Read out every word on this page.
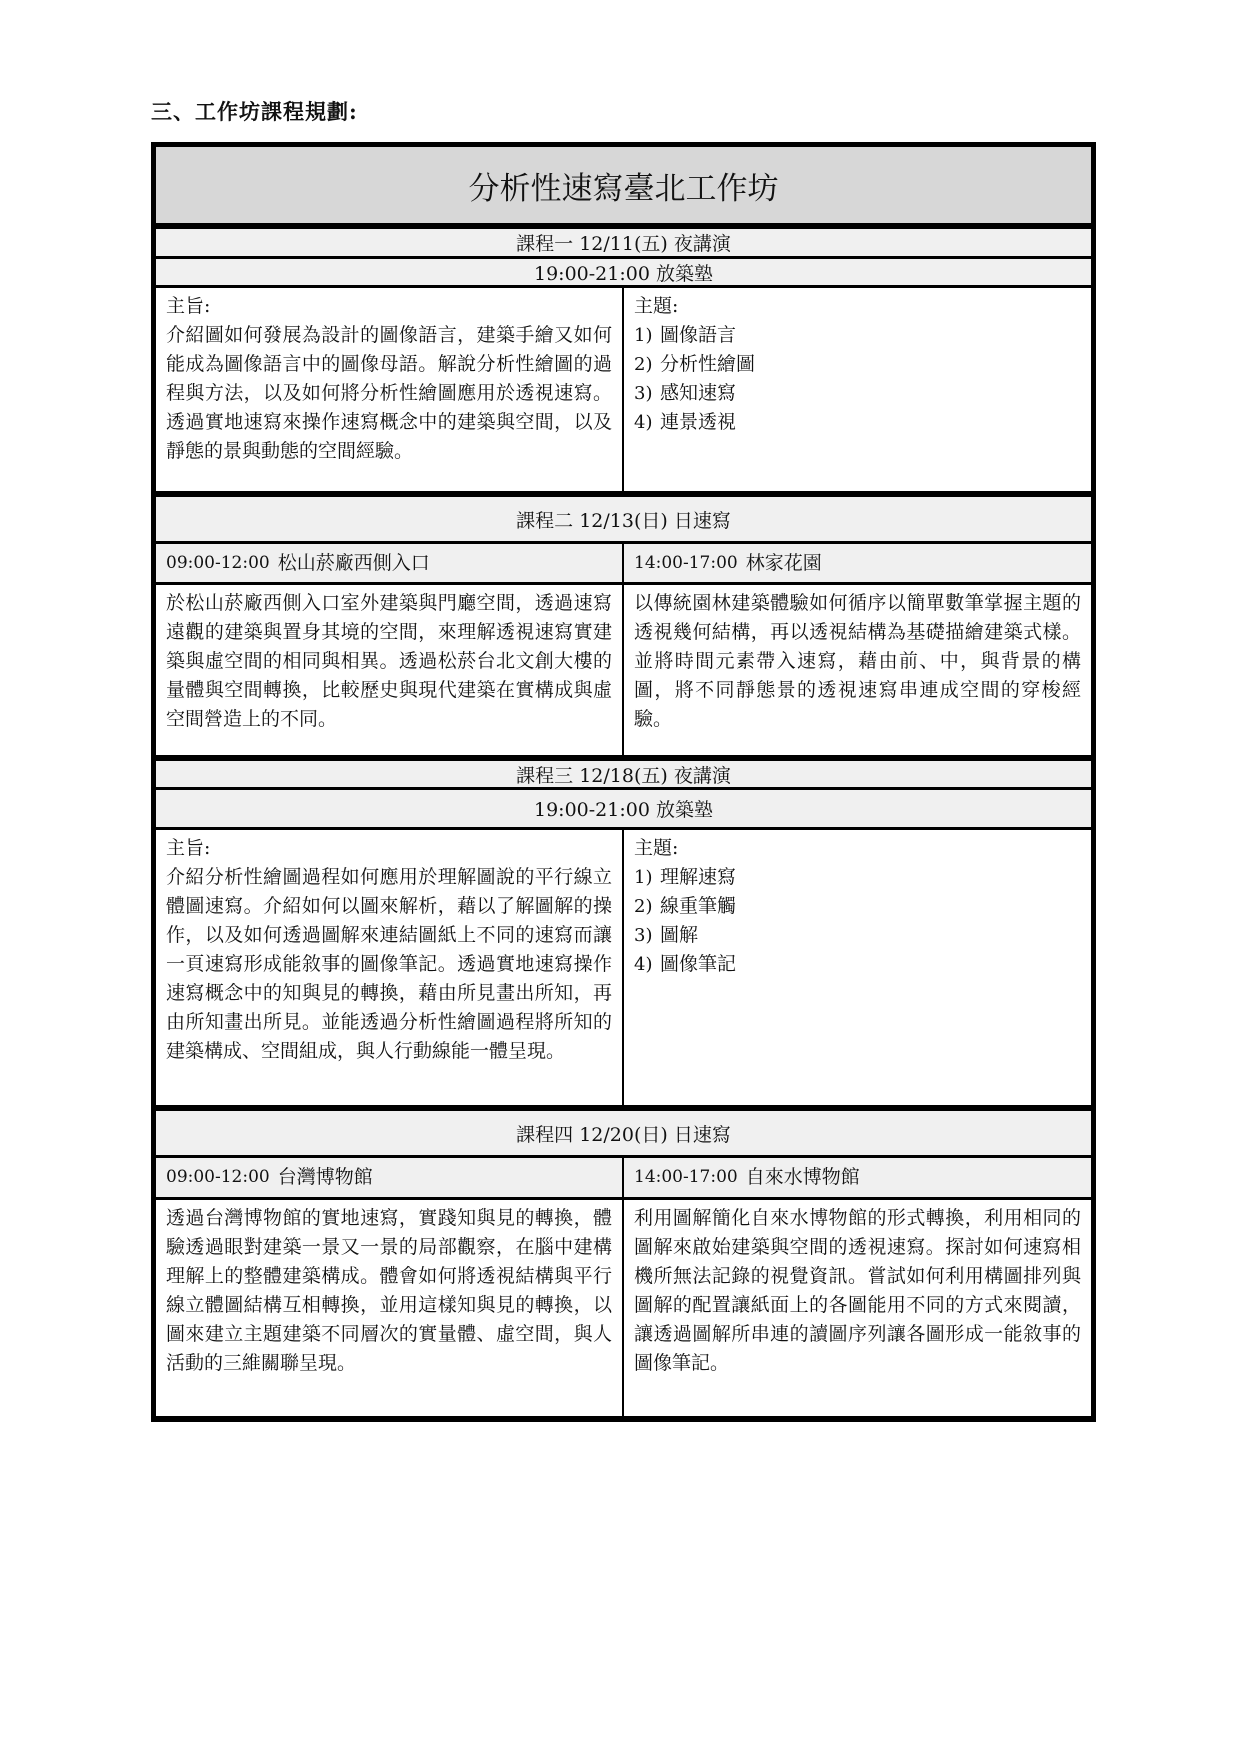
三、工作坊課程規劃:
分析性速寫臺北工作坊
課程一 12/11(五) 夜講演
19:00-21:00 放築塾
主旨:
介紹圖如何發展為設計的圖像語言，建築手繪又如何能成為圖像語言中的圖像母語。解說分析性繪圖的過程與方法，以及如何將分析性繪圖應用於透視速寫。透過實地速寫來操作速寫概念中的建築與空間，以及靜態的景與動態的空間經驗。
主題:
1) 圖像語言
2) 分析性繪圖
3) 感知速寫
4) 連景透視
課程二 12/13(日) 日速寫
09:00-12:00 松山菸廠西側入口	14:00-17:00 林家花園
於松山菸廠西側入口室外建築與門廳空間，透過速寫遠觀的建築與置身其境的空間，來理解透視速寫實建築與虛空間的相同與相異。透過松菸台北文創大樓的量體與空間轉換，比較歷史與現代建築在實構成與虛空間營造上的不同。
以傳統園林建築體驗如何循序以簡單數筆掌握主題的透視幾何結構，再以透視結構為基礎描繪建築式樣。並將時間元素帶入速寫，藉由前、中，與背景的構圖，將不同靜態景的透視速寫串連成空間的穿梭經驗。
課程三 12/18(五) 夜講演
19:00-21:00 放築塾
主旨:
介紹分析性繪圖過程如何應用於理解圖說的平行線立體圖速寫。介紹如何以圖來解析，藉以了解圖解的操作，以及如何透過圖解來連結圖紙上不同的速寫而讓一頁速寫形成能敘事的圖像筆記。透過實地速寫操作速寫概念中的知與見的轉換，藉由所見畫出所知，再由所知畫出所見。並能透過分析性繪圖過程將所知的建築構成、空間組成，與人行動線能一體呈現。
主題:
1) 理解速寫
2) 線重筆觸
3) 圖解
4) 圖像筆記
課程四 12/20(日) 日速寫
09:00-12:00 台灣博物館	14:00-17:00 自來水博物館
透過台灣博物館的實地速寫，實踐知與見的轉換，體驗透過眼對建築一景又一景的局部觀察，在腦中建構理解上的整體建築構成。體會如何將透視結構與平行線立體圖結構互相轉換，並用這樣知與見的轉換，以圖來建立主題建築不同層次的實量體、虛空間，與人活動的三維關聯呈現。
利用圖解簡化自來水博物館的形式轉換，利用相同的圖解來啟始建築與空間的透視速寫。探討如何速寫相機所無法記錄的視覺資訊。嘗試如何利用構圖排列與圖解的配置讓紙面上的各圖能用不同的方式來閱讀，讓透過圖解所串連的讀圖序列讓各圖形成一能敘事的圖像筆記。
